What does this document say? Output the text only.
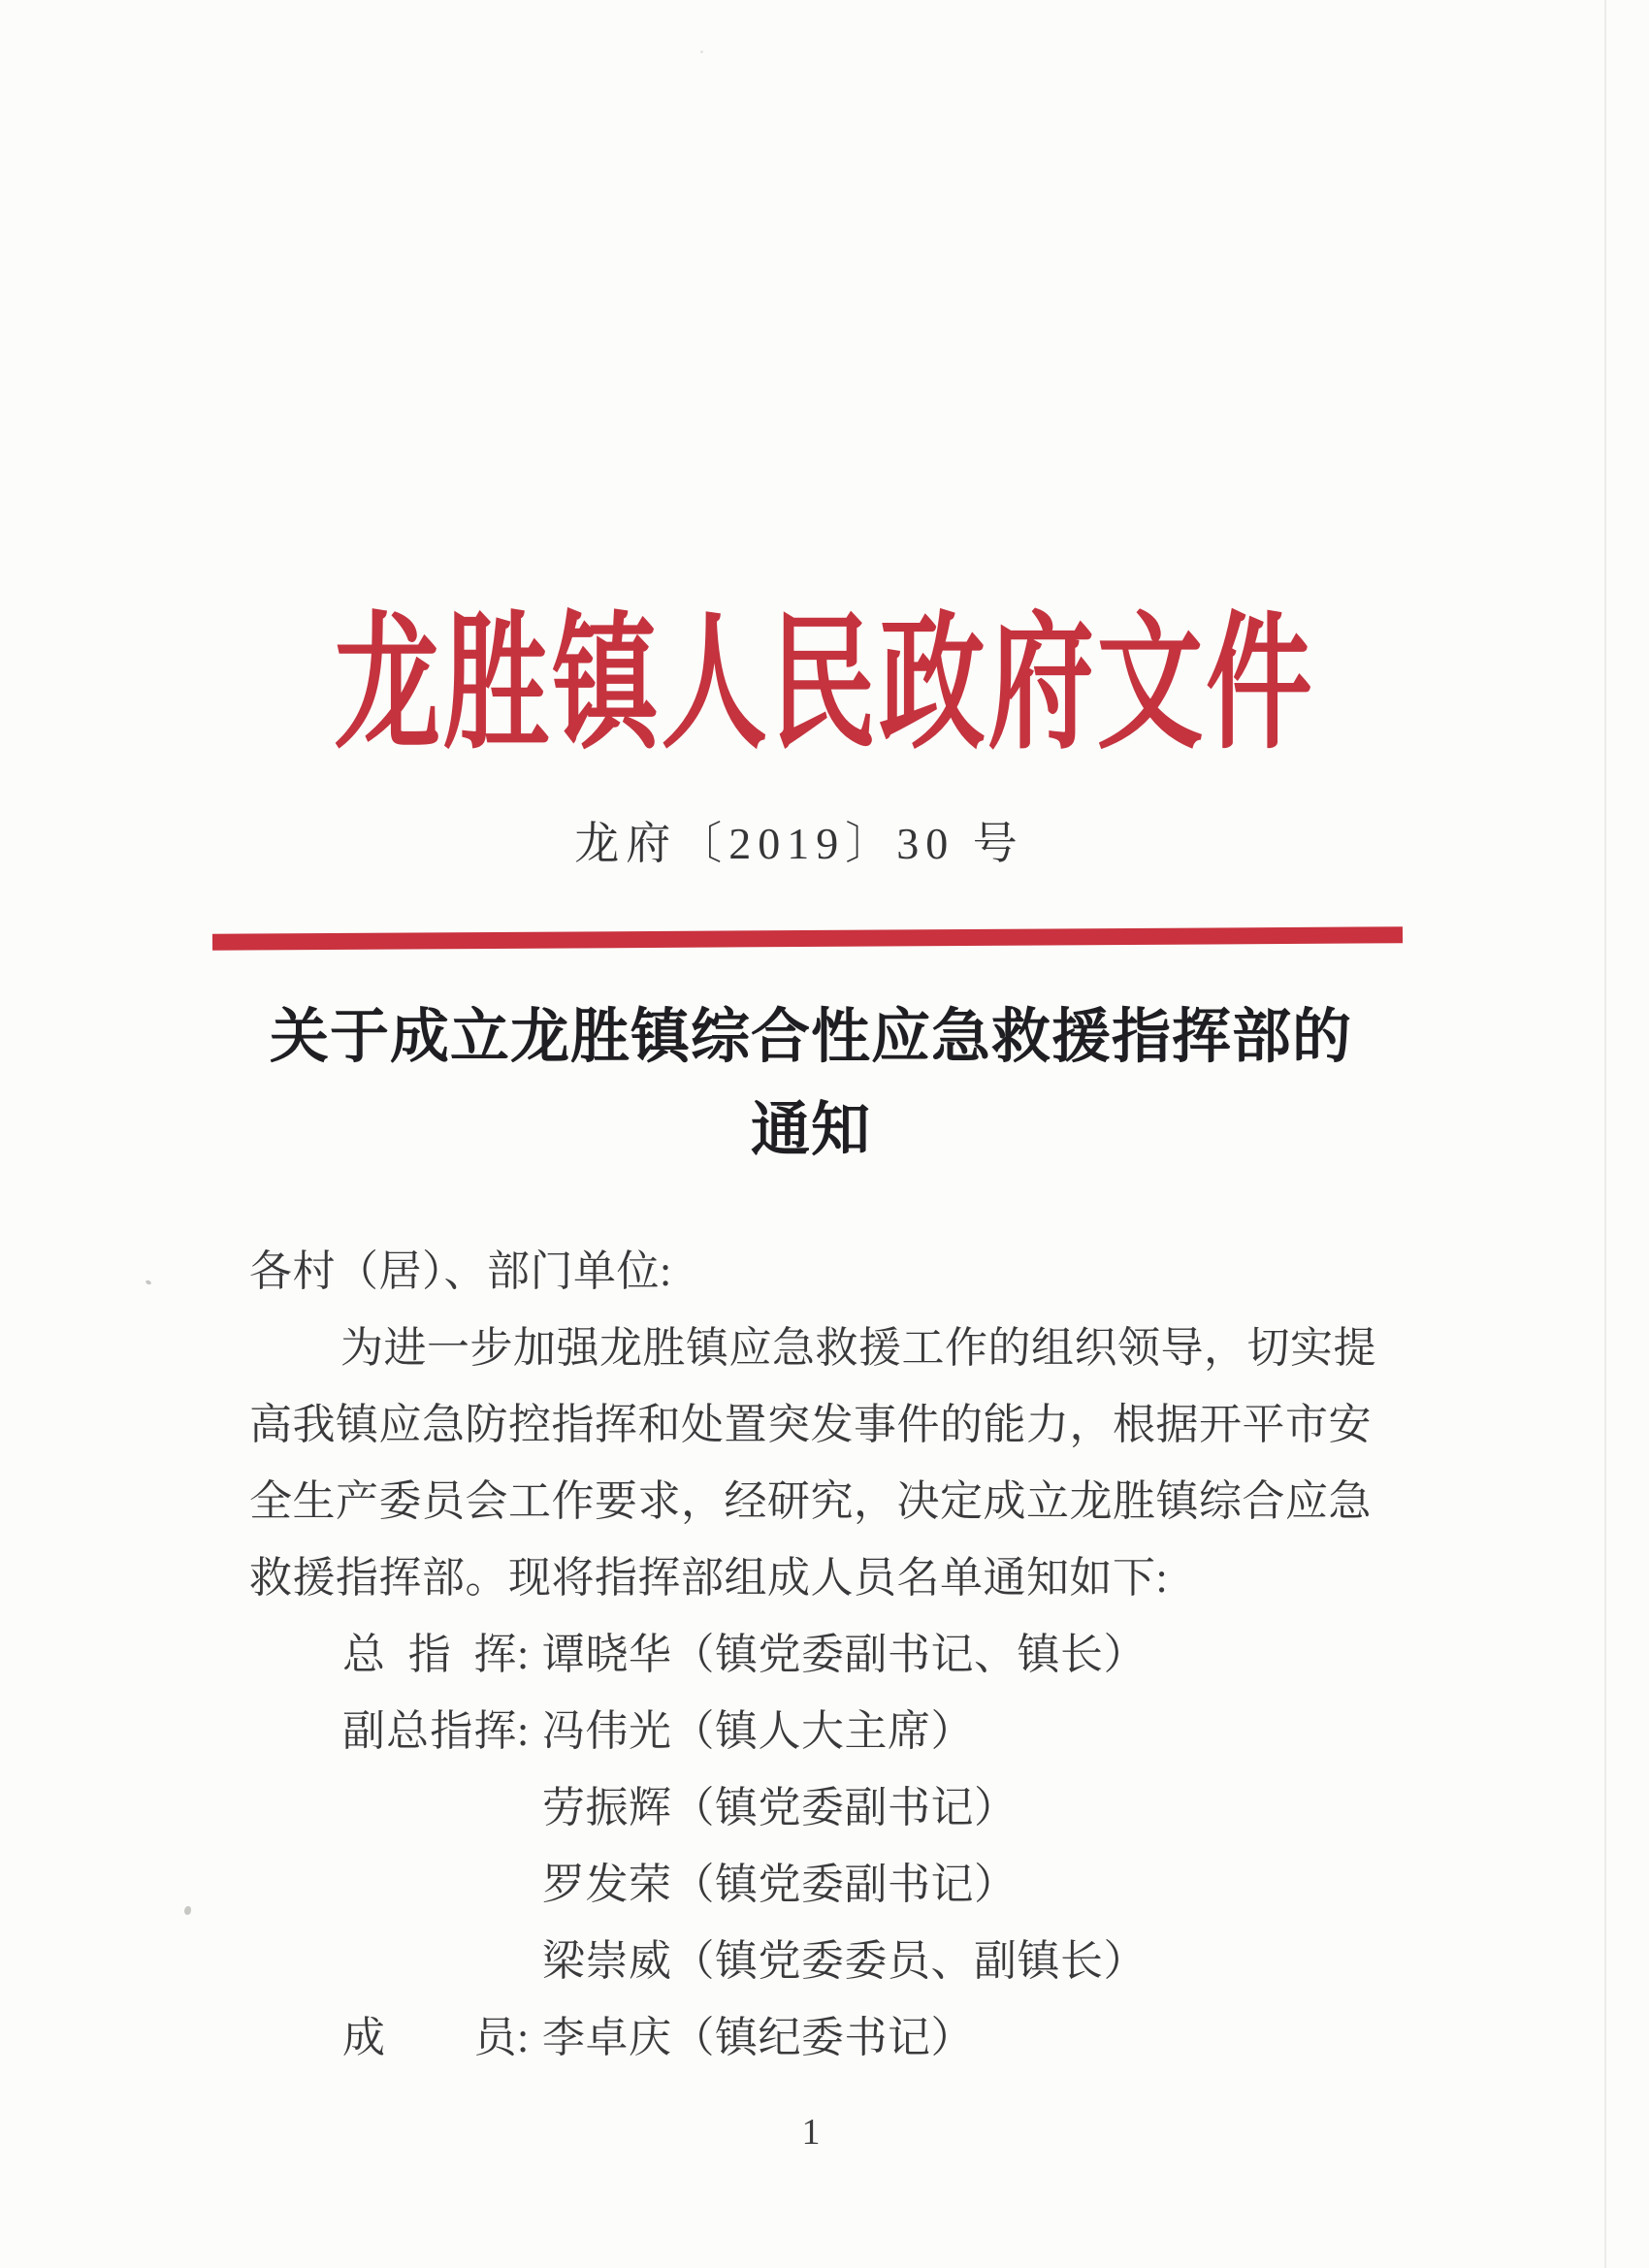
龙胜镇人民政府文件
龙府〔2019〕30 号
关于成立龙胜镇综合性应急救援指挥部的
通知
各村（居）、部门单位:
为进一步加强龙胜镇应急救援工作的组织领导，切实提
高我镇应急防控指挥和处置突发事件的能力，根据开平市安
全生产委员会工作要求，经研究，决定成立龙胜镇综合应急
救援指挥部。现将指挥部组成人员名单通知如下:
总指挥: 谭晓华（镇党委副书记、镇长）
副总指挥: 冯伟光（镇人大主席）
劳振辉（镇党委副书记）
罗发荣（镇党委副书记）
梁崇威（镇党委委员、副镇长）
成员: 李卓庆（镇纪委书记）
1
